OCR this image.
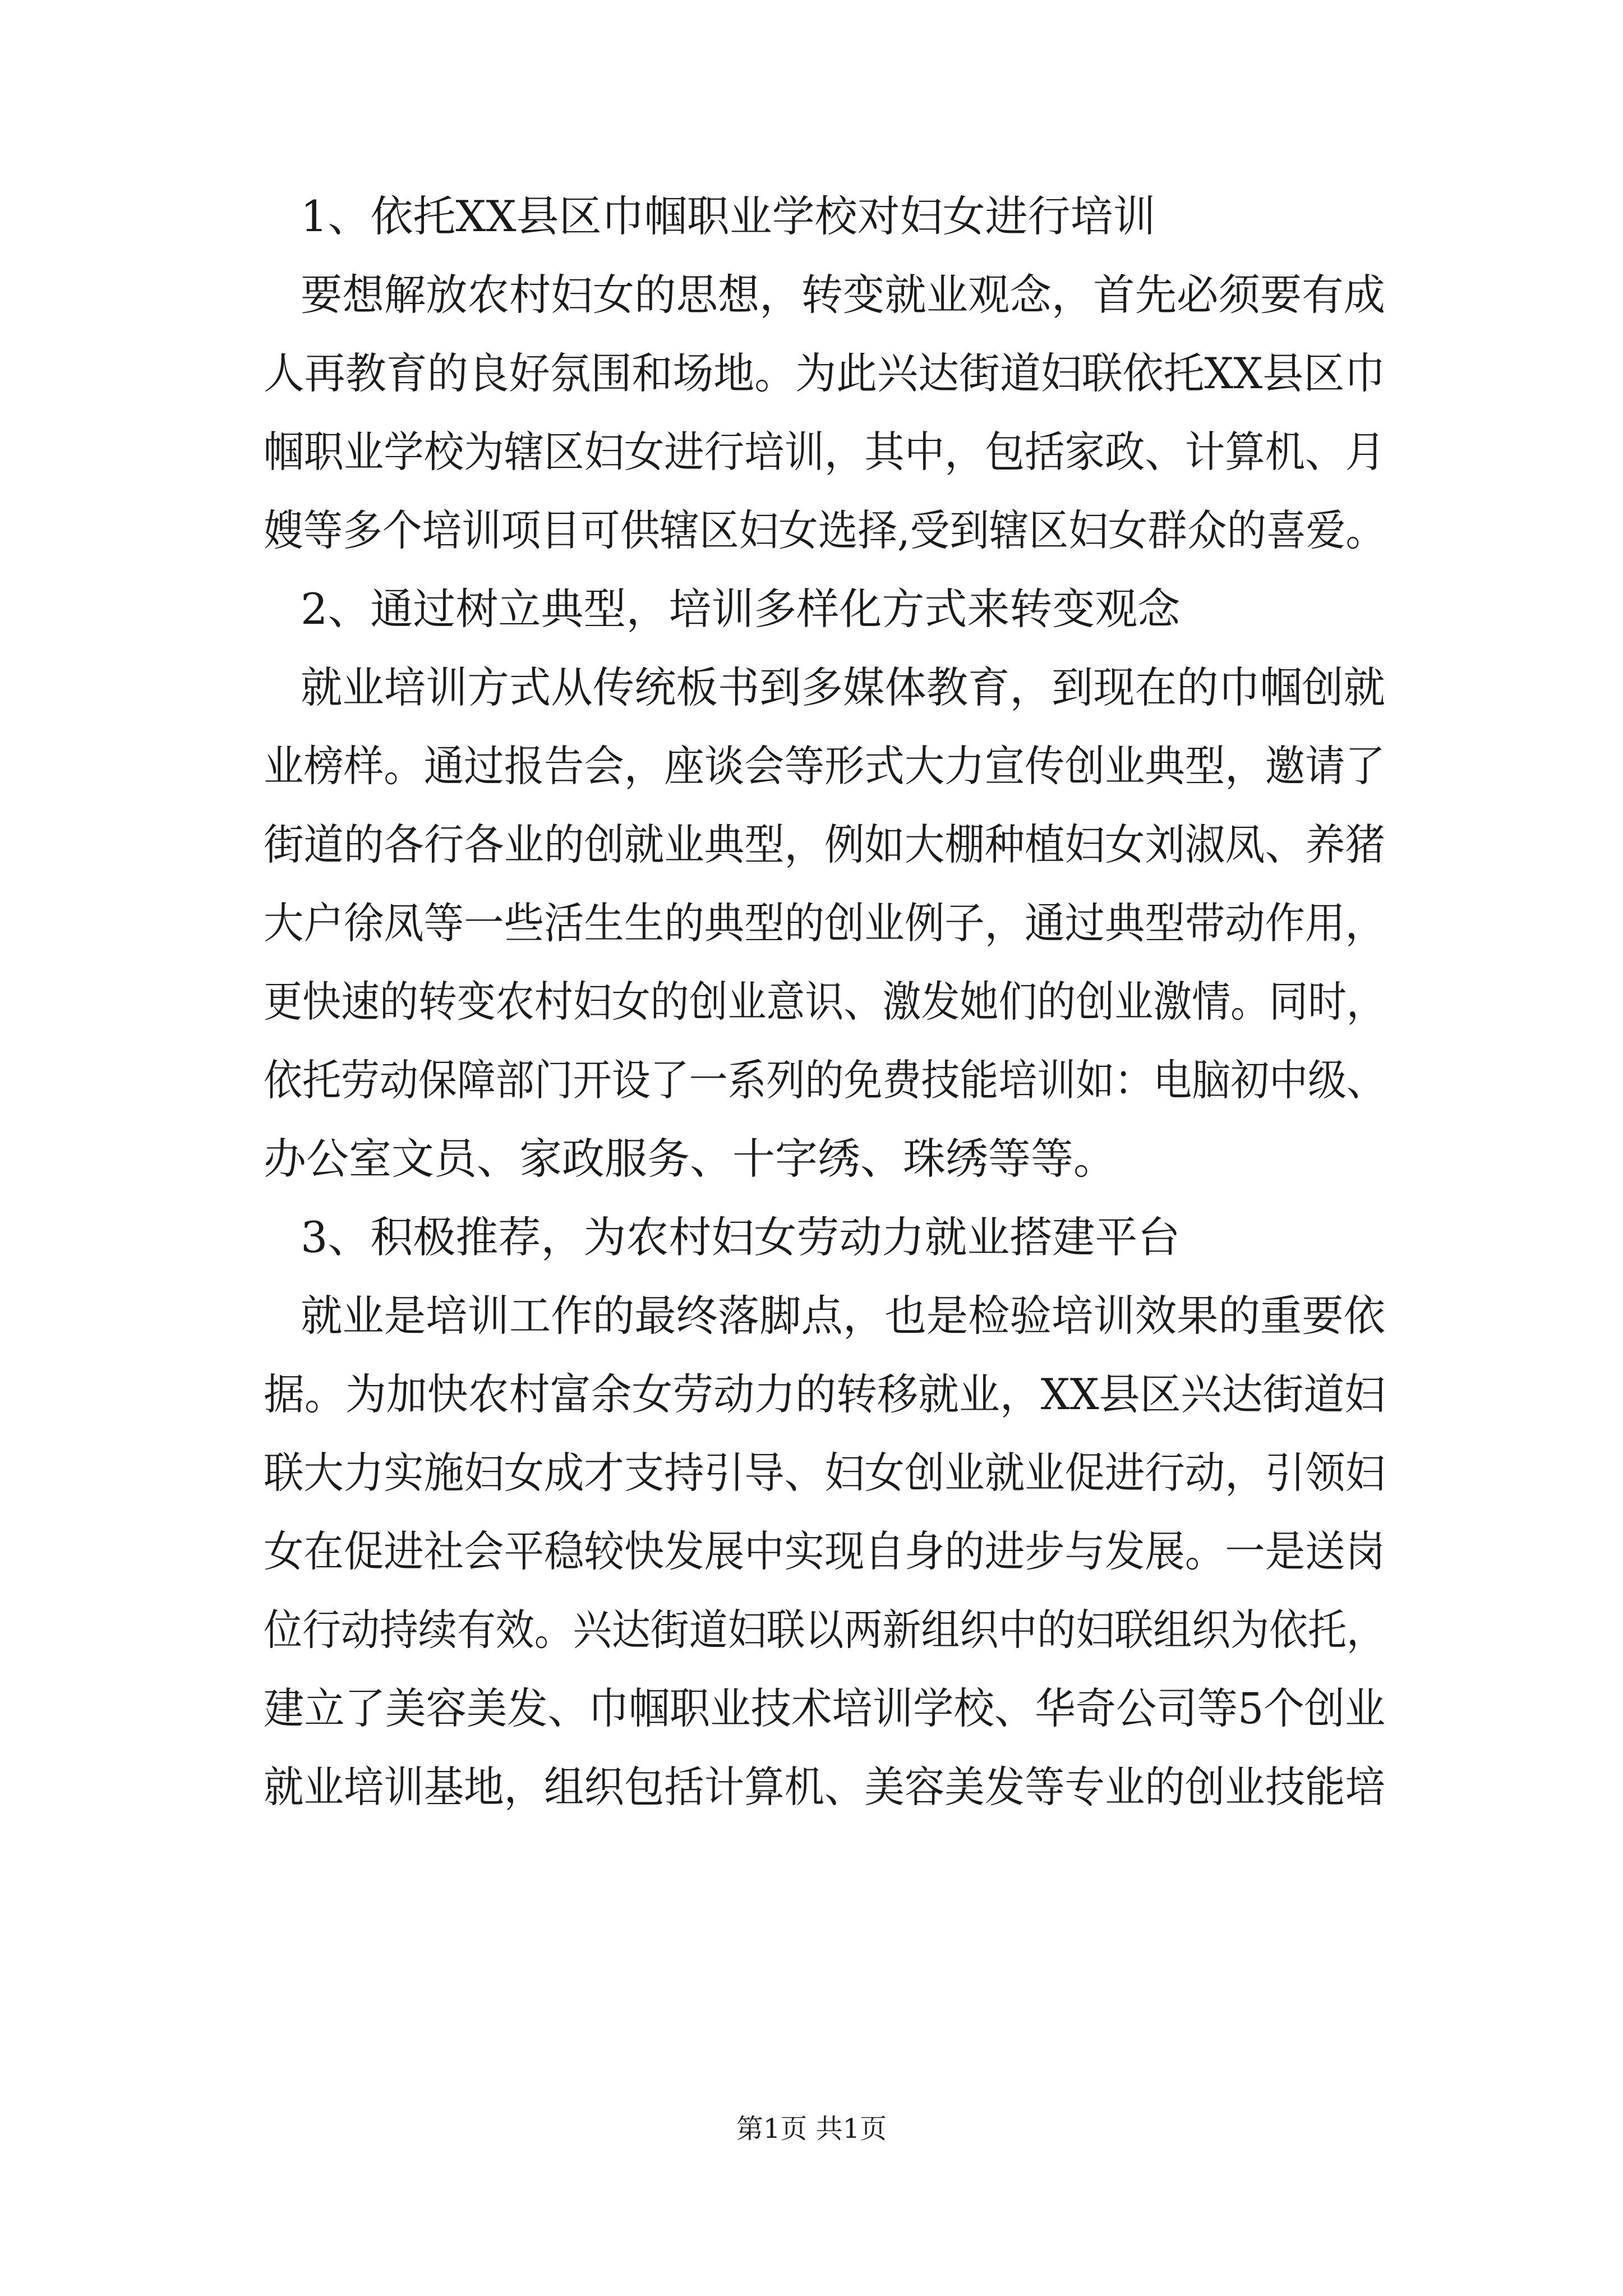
1、依托XX县区巾帼职业学校对妇女进行培训
要想解放农村妇女的思想，转变就业观念，首先必须要有成
人再教育的良好氛围和场地。为此兴达街道妇联依托XX县区巾
帼职业学校为辖区妇女进行培训，其中，包括家政、计算机、月
嫂等多个培训项目可供辖区妇女选择,受到辖区妇女群众的喜爱。
2、通过树立典型，培训多样化方式来转变观念
就业培训方式从传统板书到多媒体教育，到现在的巾帼创就
业榜样。通过报告会，座谈会等形式大力宣传创业典型，邀请了
街道的各行各业的创就业典型，例如大棚种植妇女刘淑凤、养猪
大户徐凤等一些活生生的典型的创业例子，通过典型带动作用，
更快速的转变农村妇女的创业意识、激发她们的创业激情。同时，
依托劳动保障部门开设了一系列的免费技能培训如：电脑初中级、
办公室文员、家政服务、十字绣、珠绣等等。
3、积极推荐，为农村妇女劳动力就业搭建平台
就业是培训工作的最终落脚点，也是检验培训效果的重要依
据。为加快农村富余女劳动力的转移就业，XX县区兴达街道妇
联大力实施妇女成才支持引导、妇女创业就业促进行动，引领妇
女在促进社会平稳较快发展中实现自身的进步与发展。一是送岗
位行动持续有效。兴达街道妇联以两新组织中的妇联组织为依托，
建立了美容美发、巾帼职业技术培训学校、华奇公司等5个创业
就业培训基地，组织包括计算机、美容美发等专业的创业技能培
第1页 共1页
